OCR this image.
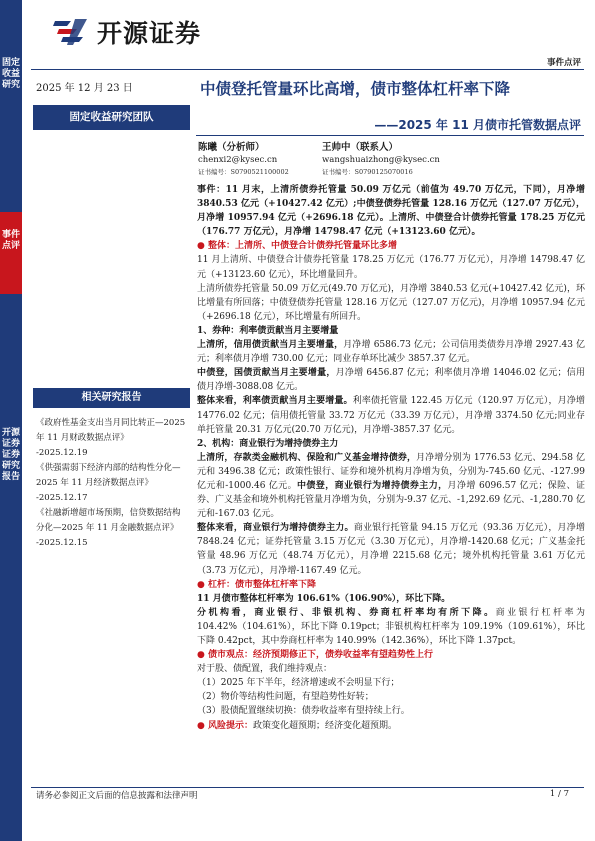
固定收益研究
事件点评
开源证券 证券研究报告
开源证券
事件点评
2025 年 12 月 23 日
固定收益研究团队
中债登托管量环比高增，债市整体杠杆率下降
——2025 年 11 月债市托管数据点评
陈曦（分析师）
chenxi2@kysec.cn
证书编号：S0790521100002
王帅中（联系人）
wangshuaizhong@kysec.cn
证书编号：S0790125070016
相关研究报告
《政府性基金支出当月同比转正—2025 年 11 月财政数据点评》
-2025.12.19
《供强需弱下经济内部的结构性分化—2025 年 11 月经济数据点评》
-2025.12.17
《社融新增超市场预期，信贷数据结构分化—2025 年 11 月金融数据点评》
-2025.12.15

事件：11 月末，上清所债券托管量 50.09 万亿元（前值为 49.70 万亿元，下同），月净增 3840.53 亿元（+10427.42 亿元）;中债登债券托管量 128.16 万亿元（127.07 万亿元），月净增 10957.94 亿元（+2696.18 亿元）。上清所、中债登合计债券托管量 178.25 万亿元（176.77 万亿元），月净增 14798.47 亿元（+13123.60 亿元）。

● 整体：上清所、中债登合计债券托管量环比多增

11 月上清所、中债登合计债券托管量 178.25 万亿元（176.77 万亿元），月净增 14798.47 亿元（+13123.60 亿元），环比增量回升。

上清所债券托管量 50.09 万亿元(49.70 万亿元)，月净增 3840.53 亿元(+10427.42 亿元)，环比增量有所回落；中债登债券托管量 128.16 万亿元（127.07 万亿元)，月净增 10957.94 亿元（+2696.18 亿元），环比增量有所回升。

1、券种：利率债贡献当月主要增量

上清所，信用债贡献当月主要增量，月净增 6586.73 亿元；公司信用类债券月净增 2927.43 亿元；利率债月净增 730.00 亿元；同业存单环比减少 3857.37 亿元。

中债登，国债贡献当月主要增量，月净增 6456.87 亿元；利率债月净增 14046.02 亿元；信用债月净增-3088.08 亿元。

整体来看，利率债贡献当月主要增量。利率债托管量 122.45 万亿元（120.97 万亿元），月净增 14776.02 亿元；信用债托管量 33.72 万亿元（33.39 万亿元），月净增 3374.50 亿元;同业存单托管量 20.31 万亿元(20.70 万亿元)，月净增-3857.37 亿元。

2、机构：商业银行为增持债券主力

上清所，存款类金融机构、保险和广义基金增持债券，月净增分别为 1776.53 亿元、294.58 亿元和 3496.38 亿元；政策性银行、证券和境外机构月净增为负，分别为-745.60 亿元、-127.99 亿元和-1000.46 亿元。中债登，商业银行为增持债券主力，月净增 6096.57 亿元；保险、证券、广义基金和境外机构托管量月净增为负，分别为-9.37 亿元、-1,292.69 亿元、-1,280.70 亿元和-167.03 亿元。

整体来看，商业银行为增持债券主力。商业银行托管量 94.15 万亿元（93.36 万亿元），月净增 7848.24 亿元；证券托管量 3.15 万亿元（3.30 万亿元），月净增-1420.68 亿元；广义基金托管量 48.96 万亿元（48.74 万亿元），月净增 2215.68 亿元；境外机构托管量 3.61 万亿元（3.73 万亿元），月净增-1167.49 亿元。

● 杠杆：债市整体杠杆率下降

11 月债市整体杠杆率为 106.61%（106.90%），环比下降。

分机构看，商业银行、非银机构、券商杠杆率均有所下降。商业银行杠杆率为 104.42%（104.61%），环比下降 0.19pct；非银机构杠杆率为 109.19%（109.61%），环比下降 0.42pct，其中券商杠杆率为 140.99%（142.36%），环比下降 1.37pct。

● 债市观点：经济预期修正下，债券收益率有望趋势性上行

对于股、债配置，我们维持观点：

（1）2025 年下半年，经济增速或不会明显下行；

（2）物价等结构性问题，有望趋势性好转；

（3）股债配置继续切换：债券收益率有望持续上行。

● 风险提示：政策变化超预期；经济变化超预期。

请务必参阅正文后面的信息披露和法律声明	1 / 7
